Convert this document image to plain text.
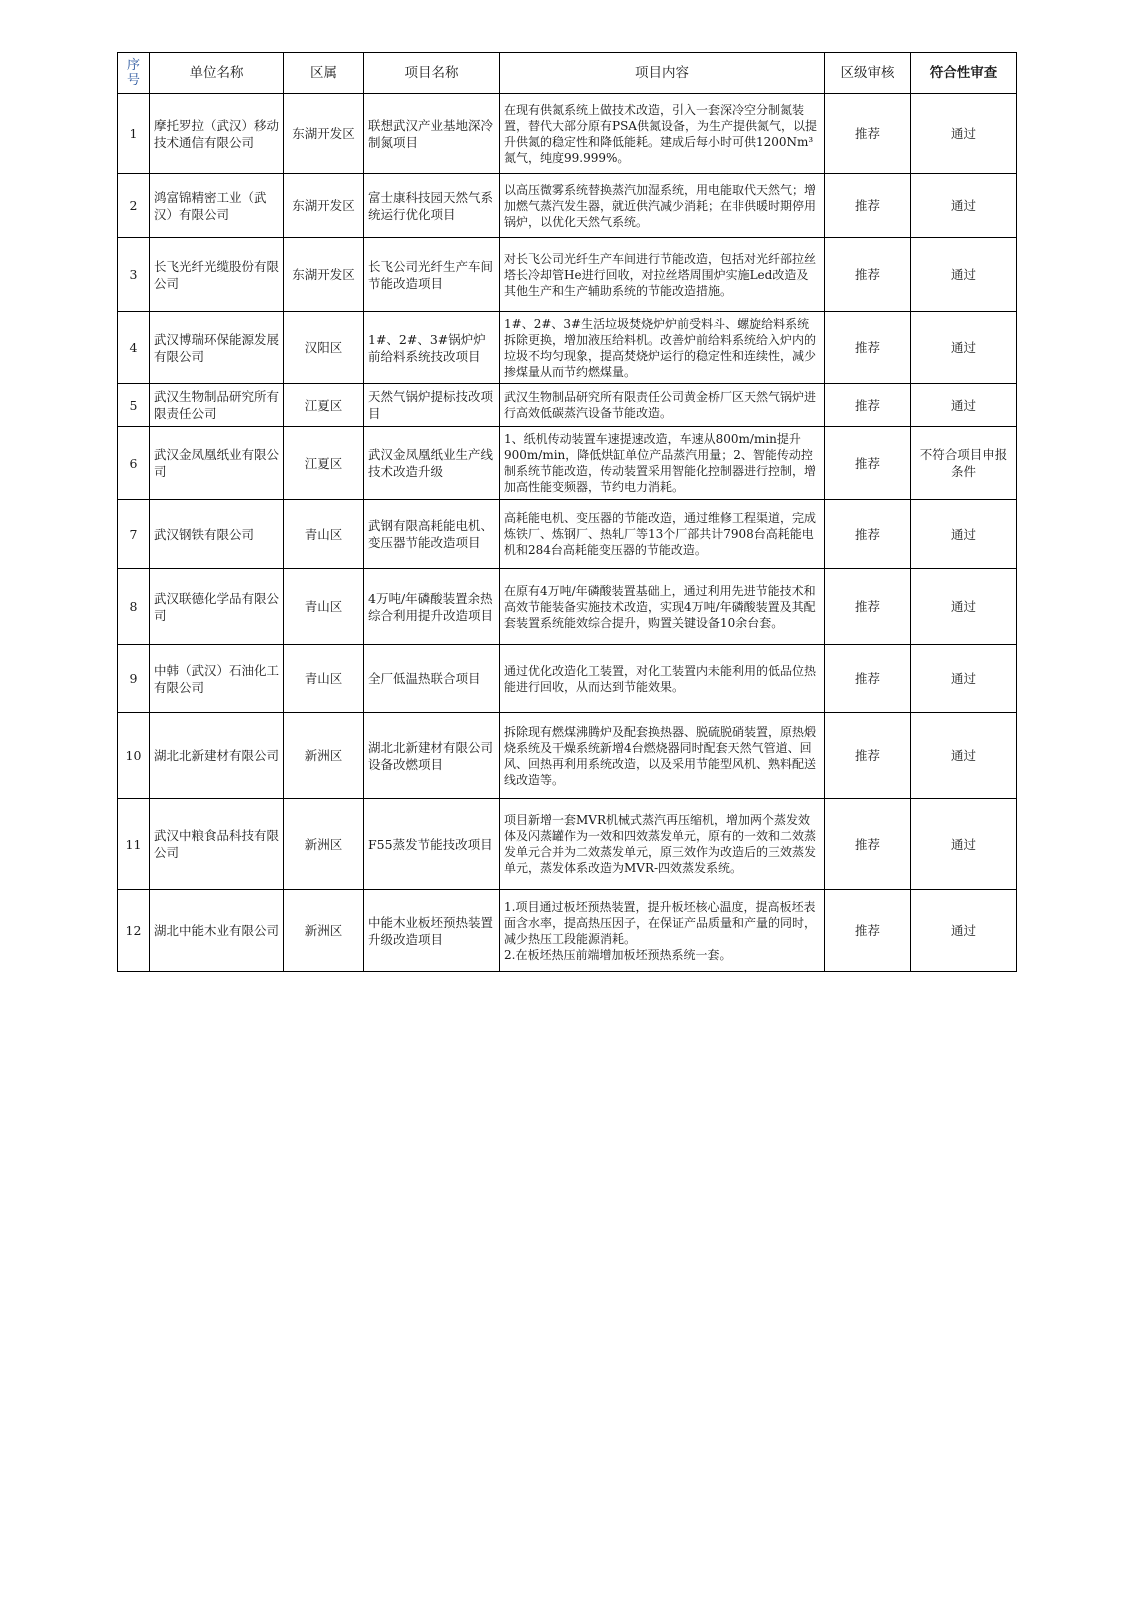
序号	单位名称	区属	项目名称	项目内容	区级审核	符合性审查
1	摩托罗拉（武汉）移动技术通信有限公司	东湖开发区	联想武汉产业基地深冷制氮项目	在现有供氮系统上做技术改造，引入一套深冷空分制氮装置，替代大部分原有PSA供氮设备，为生产提供氮气，以提升供氮的稳定性和降低能耗。建成后每小时可供1200Nm³氮气，纯度99.999%。	推荐	通过
2	鸿富锦精密工业（武汉）有限公司	东湖开发区	富士康科技园天然气系统运行优化项目	以高压微雾系统替换蒸汽加湿系统，用电能取代天然气；增加燃气蒸汽发生器，就近供汽减少消耗；在非供暖时期停用锅炉，以优化天然气系统。	推荐	通过
3	长飞光纤光缆股份有限公司	东湖开发区	长飞公司光纤生产车间节能改造项目	对长飞公司光纤生产车间进行节能改造，包括对光纤部拉丝塔长冷却管He进行回收，对拉丝塔周围炉实施Led改造及其他生产和生产辅助系统的节能改造措施。	推荐	通过
4	武汉博瑞环保能源发展有限公司	汉阳区	1#、2#、3#锅炉炉前给料系统技改项目	1#、2#、3#生活垃圾焚烧炉炉前受料斗、螺旋给料系统拆除更换，增加液压给料机。改善炉前给料系统给入炉内的垃圾不均匀现象，提高焚烧炉运行的稳定性和连续性，减少掺煤量从而节约燃煤量。	推荐	通过
5	武汉生物制品研究所有限责任公司	江夏区	天然气锅炉提标技改项目	武汉生物制品研究所有限责任公司黄金桥厂区天然气锅炉进行高效低碳蒸汽设备节能改造。	推荐	通过
6	武汉金凤凰纸业有限公司	江夏区	武汉金凤凰纸业生产线技术改造升级	1、纸机传动装置车速提速改造，车速从800m/min提升900m/min，降低烘缸单位产品蒸汽用量；2、智能传动控制系统节能改造，传动装置采用智能化控制器进行控制，增加高性能变频器，节约电力消耗。	推荐	不符合项目申报条件
7	武汉钢铁有限公司	青山区	武钢有限高耗能电机、变压器节能改造项目	高耗能电机、变压器的节能改造，通过维修工程渠道，完成炼铁厂、炼钢厂、热轧厂等13个厂部共计7908台高耗能电机和284台高耗能变压器的节能改造。	推荐	通过
8	武汉联德化学品有限公司	青山区	4万吨/年磷酸装置余热综合利用提升改造项目	在原有4万吨/年磷酸装置基础上，通过利用先进节能技术和高效节能装备实施技术改造，实现4万吨/年磷酸装置及其配套装置系统能效综合提升，购置关键设备10余台套。	推荐	通过
9	中韩（武汉）石油化工有限公司	青山区	全厂低温热联合项目	通过优化改造化工装置，对化工装置内未能利用的低品位热能进行回收，从而达到节能效果。	推荐	通过
10	湖北北新建材有限公司	新洲区	湖北北新建材有限公司设备改燃项目	拆除现有燃煤沸腾炉及配套换热器、脱硫脱硝装置，原热煅烧系统及干燥系统新增4台燃烧器同时配套天然气管道、回风、回热再利用系统改造，以及采用节能型风机、熟料配送线改造等。	推荐	通过
11	武汉中粮食品科技有限公司	新洲区	F55蒸发节能技改项目	项目新增一套MVR机械式蒸汽再压缩机，增加两个蒸发效体及闪蒸罐作为一效和四效蒸发单元，原有的一效和二效蒸发单元合并为二效蒸发单元，原三效作为改造后的三效蒸发单元，蒸发体系改造为MVR-四效蒸发系统。	推荐	通过
12	湖北中能木业有限公司	新洲区	中能木业板坯预热装置升级改造项目	1.项目通过板坯预热装置，提升板坯核心温度，提高板坯表面含水率，提高热压因子，在保证产品质量和产量的同时，减少热压工段能源消耗。
2.在板坯热压前端增加板坯预热系统一套。	推荐	通过
